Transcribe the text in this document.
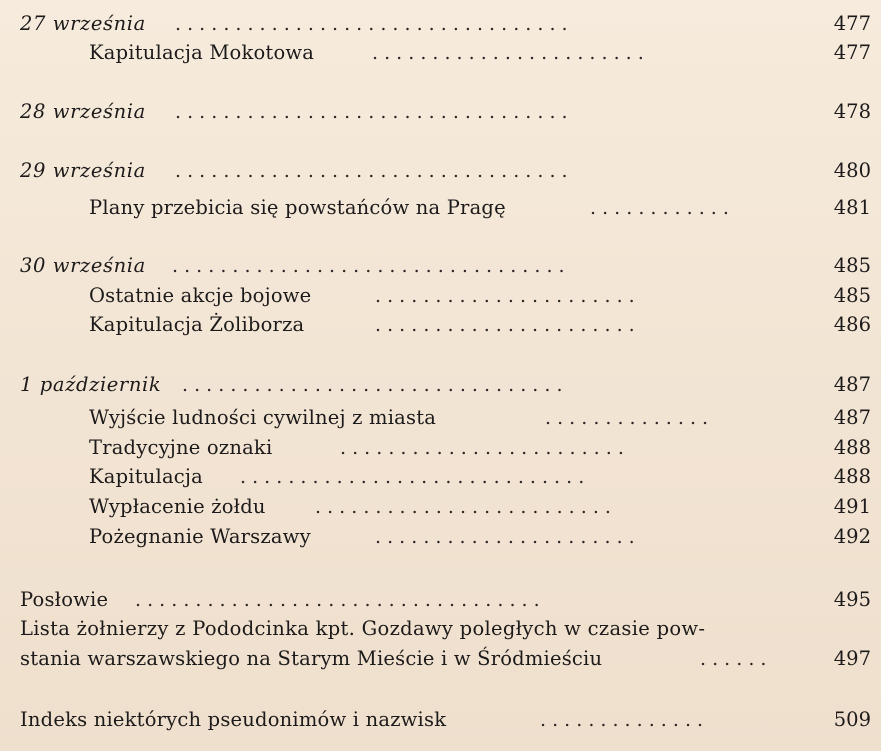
27 września . . . . . . . . . . . . . . . . . . . . . . . . . . . . . . . . .	477
Kapitulacja Mokotowa	. . . . . . . . . . . . . . . . . . . . . . .	477
28 września . . . . . . . . . . . . . . . . . . . . . . . . . . . . . . . . .	478
29 września . . . . . . . . . . . . . . . . . . . . . . . . . . . . . . . . .	480
Plany przebicia się powstańców na Pragę	. . . . . . . . . . . .	481
30 września . . . . . . . . . . . . . . . . . . . . . . . . . . . . . . . . .	485
Ostatnie akcje bojowe	. . . . . . . . . . . . . . . . . . . . . .	485
Kapitulacja Żoliborza	. . . . . . . . . . . . . . . . . . . . . .	486
1 październik . . . . . . . . . . . . . . . . . . . . . . . . . . . . . . . .	487
Wyjście ludności cywilnej z miasta	. . . . . . . . . . . . . .	487
Tradycyjne oznaki	. . . . . . . . . . . . . . . . . . . . . . . .	488
Kapitulacja . . . . . . . . . . . . . . . . . . . . . . . . . . . . .	488
Wypłacenie żołdu	. . . . . . . . . . . . . . . . . . . . . . . . .	491
Pożegnanie Warszawy	. . . . . . . . . . . . . . . . . . . . . .	492
Posłowie . . . . . . . . . . . . . . . . . . . . . . . . . . . . . . . . . .	495
Lista żołnierzy z Pododcinka kpt. Gozdawy poległych w czasie pow-
stania warszawskiego na Starym Mieście i w Śródmieściu	. . . . . .	497
Indeks niektórych pseudonimów i nazwisk	. . . . . . . . . . . . . .	509
